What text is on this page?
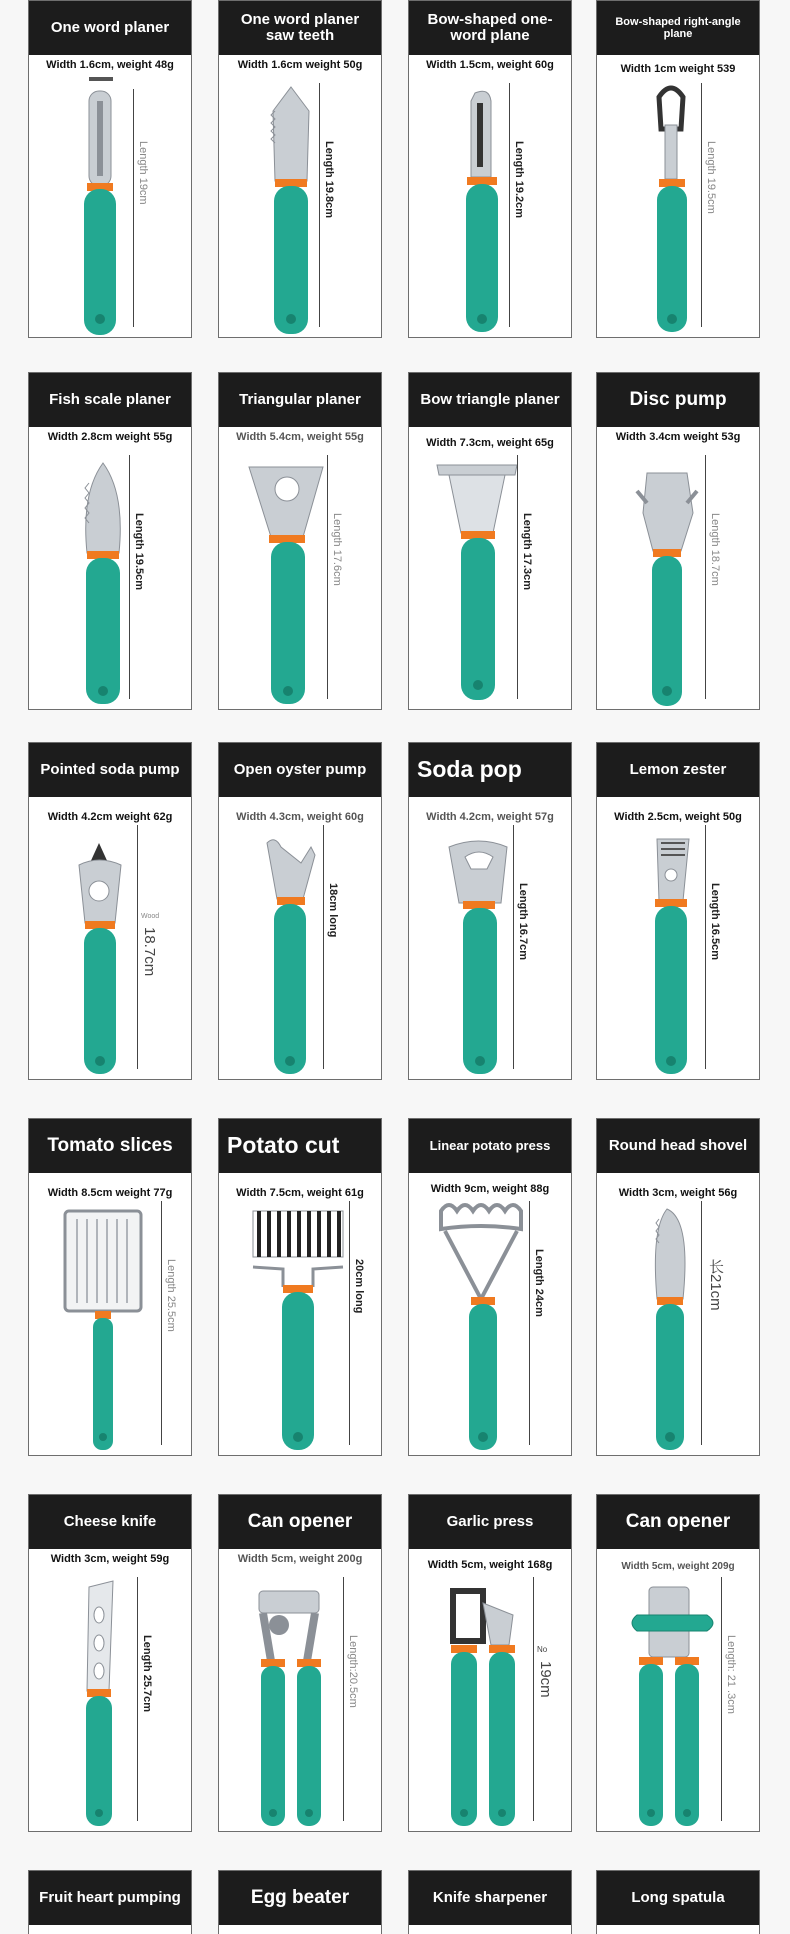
One word planer
Width 1.6cm, weight 48g
Length 19cm
One word planer saw teeth
Width 1.6cm weight 50g
Length 19.8cm
Bow-shaped one-word plane
Width 1.5cm, weight 60g
Length 19.2cm
Bow-shaped right-angle plane
Width 1cm weight 539
Length 19.5cm
Fish scale planer
Width 2.8cm weight 55g
Length 19.5cm
Triangular planer
Width 5.4cm, weight 55g
Length 17.6cm
Bow triangle planer
Width 7.3cm, weight 65g
Length 17.3cm
Disc pump
Width 3.4cm weight 53g
Length 18.7cm
Pointed soda pump
Width 4.2cm weight 62g
Wood
18.7cm
Open oyster pump
Width 4.3cm, weight 60g
18cm long
Soda pop
Width 4.2cm, weight 57g
Length 16.7cm
Lemon zester
Width 2.5cm, weight 50g
Length 16.5cm
Tomato slices
Width 8.5cm weight 77g
Length 25.5cm
Potato cut
Width 7.5cm, weight 61g
20cm long
Linear potato press
Width 9cm, weight 88g
Length 24cm
Round head shovel
Width 3cm, weight 56g
长21cm
Cheese knife
Width 3cm, weight 59g
Length 25.7cm
Can opener
Width 5cm, weight 200g
Length:20.5cm
Garlic press
Width 5cm, weight 168g
No
19cm
Can opener
Width 5cm, weight 209g
Length: 21 .3cm
Fruit heart pumping	Egg beater	Knife sharpener	Long spatula
